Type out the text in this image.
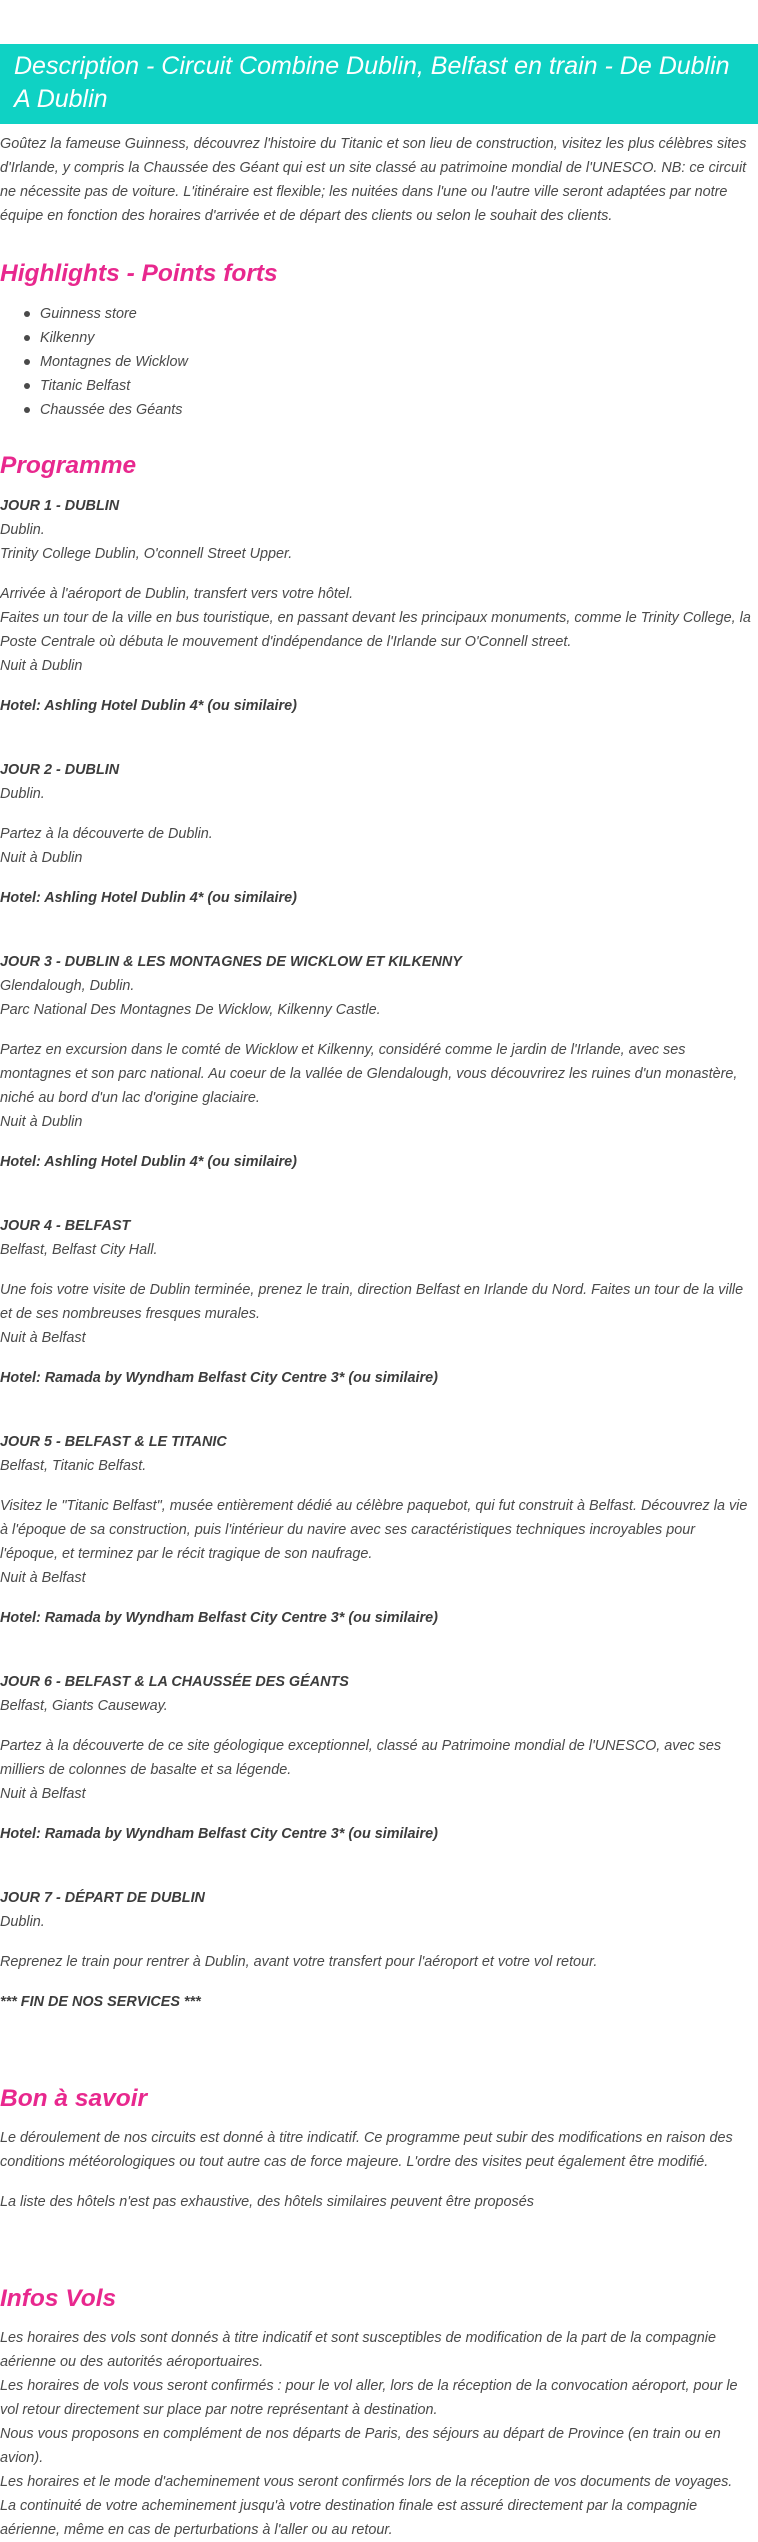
Description - Circuit Combine Dublin, Belfast en train - De Dublin A Dublin

Goûtez la fameuse Guinness, découvrez l'histoire du Titanic et son lieu de construction, visitez les plus célèbres sites d'Irlande, y compris la Chaussée des Géant qui est un site classé au patrimoine mondial de l'UNESCO. NB: ce circuit ne nécessite pas de voiture. L'itinéraire est flexible; les nuitées dans l'une ou l'autre ville seront adaptées par notre équipe en fonction des horaires d'arrivée et de départ des clients ou selon le souhait des clients.

Highlights - Points forts
Guinness store
Kilkenny
Montagnes de Wicklow
Titanic Belfast
Chaussée des Géants
Programme
JOUR 1 - DUBLIN
Dublin.
Trinity College Dublin, O'connell Street Upper.
Arrivée à l'aéroport de Dublin, transfert vers votre hôtel.
Faites un tour de la ville en bus touristique, en passant devant les principaux monuments, comme le Trinity College, la Poste Centrale où débuta le mouvement d'indépendance de l'Irlande sur O'Connell street.
Nuit à Dublin
Hotel: Ashling Hotel Dublin 4* (ou similaire)
JOUR 2 - DUBLIN
Dublin.
Partez à la découverte de Dublin.
Nuit à Dublin
Hotel: Ashling Hotel Dublin 4* (ou similaire)
JOUR 3 - DUBLIN & LES MONTAGNES DE WICKLOW ET KILKENNY
Glendalough, Dublin.
Parc National Des Montagnes De Wicklow, Kilkenny Castle.
Partez en excursion dans le comté de Wicklow et Kilkenny, considéré comme le jardin de l'Irlande, avec ses montagnes et son parc national. Au coeur de la vallée de Glendalough, vous découvrirez les ruines d'un monastère, niché au bord d'un lac d'origine glaciaire.
Nuit à Dublin
Hotel: Ashling Hotel Dublin 4* (ou similaire)
JOUR 4 - BELFAST
Belfast, Belfast City Hall.
Une fois votre visite de Dublin terminée, prenez le train, direction Belfast en Irlande du Nord. Faites un tour de la ville et de ses nombreuses fresques murales.
Nuit à Belfast
Hotel: Ramada by Wyndham Belfast City Centre 3* (ou similaire)
JOUR 5 - BELFAST & LE TITANIC
Belfast, Titanic Belfast.
Visitez le "Titanic Belfast", musée entièrement dédié au célèbre paquebot, qui fut construit à Belfast. Découvrez la vie à l'époque de sa construction, puis l'intérieur du navire avec ses caractéristiques techniques incroyables pour l'époque, et terminez par le récit tragique de son naufrage.
Nuit à Belfast
Hotel: Ramada by Wyndham Belfast City Centre 3* (ou similaire)
JOUR 6 - BELFAST & LA CHAUSSÉE DES GÉANTS
Belfast, Giants Causeway.
Partez à la découverte de ce site géologique exceptionnel, classé au Patrimoine mondial de l'UNESCO, avec ses milliers de colonnes de basalte et sa légende.
Nuit à Belfast
Hotel: Ramada by Wyndham Belfast City Centre 3* (ou similaire)
JOUR 7 - DÉPART DE DUBLIN
Dublin.
Reprenez le train pour rentrer à Dublin, avant votre transfert pour l'aéroport et votre vol retour.
*** FIN DE NOS SERVICES ***
Bon à savoir

Le déroulement de nos circuits est donné à titre indicatif. Ce programme peut subir des modifications en raison des conditions météorologiques ou tout autre cas de force majeure. L'ordre des visites peut également être modifié.

La liste des hôtels n'est pas exhaustive, des hôtels similaires peuvent être proposés

Infos Vols
Les horaires des vols sont donnés à titre indicatif et sont susceptibles de modification de la part de la compagnie aérienne ou des autorités aéroportuaires.
Les horaires de vols vous seront confirmés : pour le vol aller, lors de la réception de la convocation aéroport, pour le vol retour directement sur place par notre représentant à destination.
Nous vous proposons en complément de nos départs de Paris, des séjours au départ de Province (en train ou en avion).
Les horaires et le mode d'acheminement vous seront confirmés lors de la réception de vos documents de voyages.
La continuité de votre acheminement jusqu'à votre destination finale est assuré directement par la compagnie aérienne, même en cas de perturbations à l'aller ou au retour.
